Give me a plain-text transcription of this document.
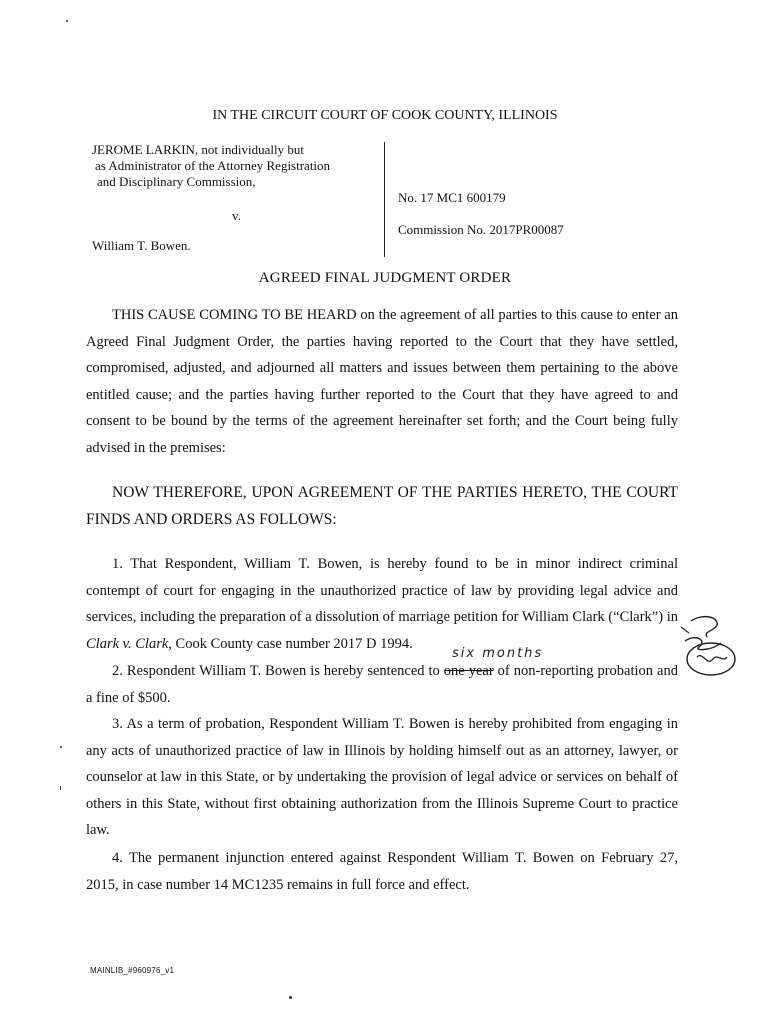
IN THE CIRCUIT COURT OF COOK COUNTY, ILLINOIS
JEROME LARKIN, not individually but
as Administrator of the Attorney Registration
and Disciplinary Commission,
v.
William T. Bowen.
No. 17 MC1 600179
Commission No. 2017PR00087
AGREED FINAL JUDGMENT ORDER

THIS CAUSE COMING TO BE HEARD on the agreement of all parties to this cause to enter an Agreed Final Judgment Order, the parties having reported to the Court that they have settled, compromised, adjusted, and adjourned all matters and issues between them pertaining to the above entitled cause; and the parties having further reported to the Court that they have agreed to and consent to be bound by the terms of the agreement hereinafter set forth; and the Court being fully advised in the premises:

NOW THEREFORE, UPON AGREEMENT OF THE PARTIES HERETO, THE COURT FINDS AND ORDERS AS FOLLOWS:

1. That Respondent, William T. Bowen, is hereby found to be in minor indirect criminal contempt of court for engaging in the unauthorized practice of law by providing legal advice and services, including the preparation of a dissolution of marriage petition for William Clark (“Clark”) in Clark v. Clark, Cook County case number 2017 D 1994.

six months

2. Respondent William T. Bowen is hereby sentenced to one year of non-reporting probation and a fine of $500.

3. As a term of probation, Respondent William T. Bowen is hereby prohibited from engaging in any acts of unauthorized practice of law in Illinois by holding himself out as an attorney, lawyer, or counselor at law in this State, or by undertaking the provision of legal advice or services on behalf of others in this State, without first obtaining authorization from the Illinois Supreme Court to practice law.

4. The permanent injunction entered against Respondent William T. Bowen on February 27, 2015, in case number 14 MC1235 remains in full force and effect.

MAINLIB_#960976_v1
